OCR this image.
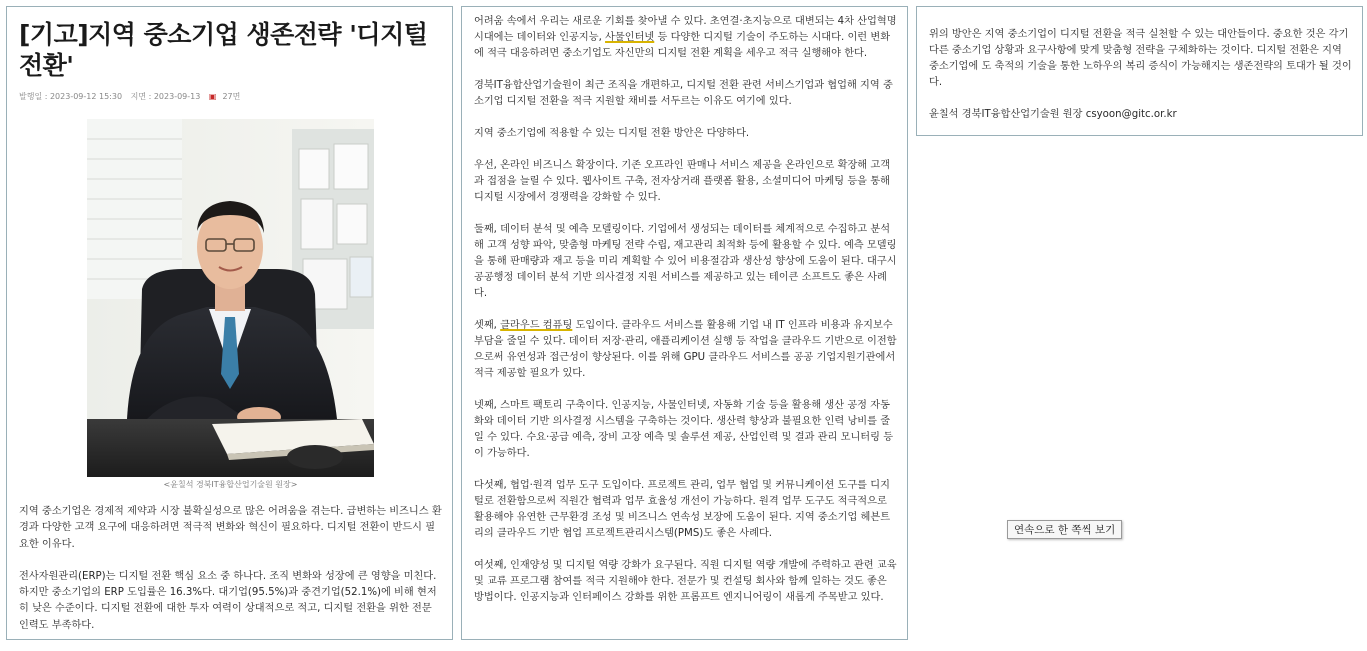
[기고]지역 중소기업 생존전략 '디지털 전환'
발행일 : 2023-09-12 15:30 지면 : 2023-09-13 ▣ 27면
<윤칠석 경북IT융합산업기술원 원장>

지역 중소기업은 경제적 제약과 시장 불확실성으로 많은 어려움을 겪는다. 급변하는 비즈니스 환경과 다양한 고객 요구에 대응하려면 적극적 변화와 혁신이 필요하다. 디지털 전환이 반드시 필요한 이유다.

전사자원관리(ERP)는 디지털 전환 핵심 요소 중 하나다. 조직 변화와 성장에 큰 영향을 미친다. 하지만 중소기업의 ERP 도입률은 16.3%다. 대기업(95.5%)과 중견기업(52.1%)에 비해 현저히 낮은 수준이다. 디지털 전환에 대한 투자 여력이 상대적으로 적고, 디지털 전환을 위한 전문 인력도 부족하다.

어려움 속에서 우리는 새로운 기회를 찾아낼 수 있다. 초연결·초지능으로 대변되는 4차 산업혁명 시대에는 데이터와 인공지능, 사물인터넷 등 다양한 디지털 기술이 주도하는 시대다. 이런 변화에 적극 대응하려면 중소기업도 자신만의 디지털 전환 계획을 세우고 적극 실행해야 한다.

경북IT융합산업기술원이 최근 조직을 개편하고, 디지털 전환 관련 서비스기업과 협업해 지역 중소기업 디지털 전환을 적극 지원할 채비를 서두르는 이유도 여기에 있다.

지역 중소기업에 적용할 수 있는 디지털 전환 방안은 다양하다.

우선, 온라인 비즈니스 확장이다. 기존 오프라인 판매나 서비스 제공을 온라인으로 확장해 고객과 접점을 늘릴 수 있다. 웹사이트 구축, 전자상거래 플랫폼 활용, 소셜미디어 마케팅 등을 통해 디지털 시장에서 경쟁력을 강화할 수 있다.

둘째, 데이터 분석 및 예측 모델링이다. 기업에서 생성되는 데이터를 체계적으로 수집하고 분석해 고객 성향 파악, 맞춤형 마케팅 전략 수립, 재고관리 최적화 등에 활용할 수 있다. 예측 모델링을 통해 판매량과 재고 등을 미리 계획할 수 있어 비용절감과 생산성 향상에 도움이 된다. 대구시 공공행정 데이터 분석 기반 의사결정 지원 서비스를 제공하고 있는 테이큰 소프트도 좋은 사례다.

셋째, 클라우드 컴퓨팅 도입이다. 클라우드 서비스를 활용해 기업 내 IT 인프라 비용과 유지보수 부담을 줄일 수 있다. 데이터 저장·관리, 애플리케이션 실행 등 작업을 클라우드 기반으로 이전함으로써 유연성과 접근성이 향상된다. 이를 위해 GPU 클라우드 서비스를 공공 기업지원기관에서 적극 제공할 필요가 있다.

넷째, 스마트 팩토리 구축이다. 인공지능, 사물인터넷, 자동화 기술 등을 활용해 생산 공정 자동화와 데이터 기반 의사결정 시스템을 구축하는 것이다. 생산력 향상과 불필요한 인력 낭비를 줄일 수 있다. 수요·공급 예측, 장비 고장 예측 및 솔루션 제공, 산업인력 및 결과 관리 모니터링 등이 가능하다.

다섯째, 협업·원격 업무 도구 도입이다. 프로젝트 관리, 업무 협업 및 커뮤니케이션 도구를 디지털로 전환함으로써 직원간 협력과 업무 효율성 개선이 가능하다. 원격 업무 도구도 적극적으로 활용해야 유연한 근무환경 조성 및 비즈니스 연속성 보장에 도움이 된다. 지역 중소기업 헤븐트리의 클라우드 기반 협업 프로젝트관리시스템(PMS)도 좋은 사례다.

여섯째, 인재양성 및 디지털 역량 강화가 요구된다. 직원 디지털 역량 개발에 주력하고 관련 교육 및 교류 프로그램 참여를 적극 지원해야 한다. 전문가 및 컨설팅 회사와 함께 일하는 것도 좋은 방법이다. 인공지능과 인터페이스 강화를 위한 프롬프트 엔지니어링이 새롭게 주목받고 있다.

위의 방안은 지역 중소기업이 디지털 전환을 적극 실천할 수 있는 대안들이다. 중요한 것은 각기 다른 중소기업 상황과 요구사항에 맞게 맞춤형 전략을 구체화하는 것이다. 디지털 전환은 지역 중소기업에 도 축적의 기술을 통한 노하우의 복리 증식이 가능해지는 생존전략의 토대가 될 것이다.

윤칠석 경북IT융합산업기술원 원장 csyoon@gitc.or.kr

연속으로 한 쪽씩 보기
